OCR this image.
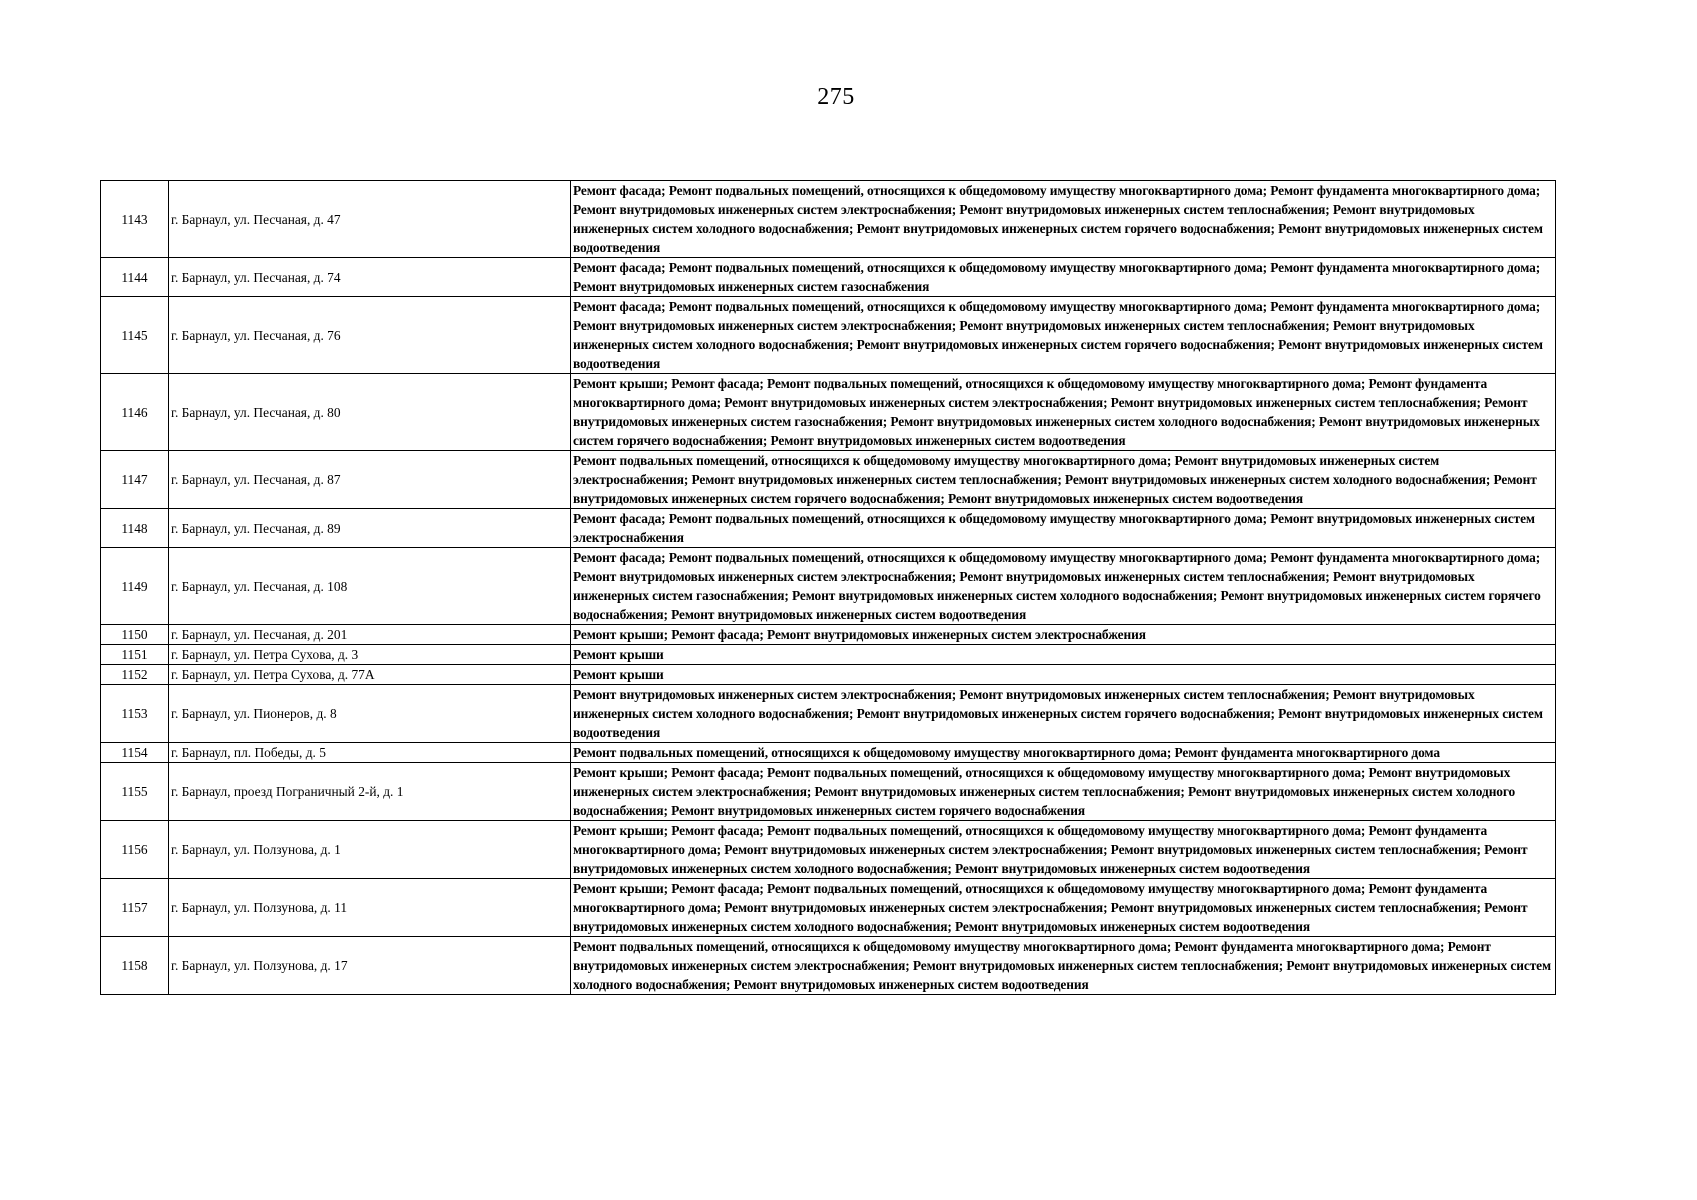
275
1143	г. Барнаул, ул. Песчаная, д. 47	Ремонт фасада; Ремонт подвальных помещений, относящихся к общедомовому имуществу многоквартирного дома; Ремонт фундамента многоквартирного дома; Ремонт внутридомовых инженерных систем электроснабжения; Ремонт внутридомовых инженерных систем теплоснабжения; Ремонт внутридомовых инженерных систем холодного водоснабжения; Ремонт внутридомовых инженерных систем горячего водоснабжения; Ремонт внутридомовых инженерных систем водоотведения
1144	г. Барнаул, ул. Песчаная, д. 74	Ремонт фасада; Ремонт подвальных помещений, относящихся к общедомовому имуществу многоквартирного дома; Ремонт фундамента многоквартирного дома; Ремонт внутридомовых инженерных систем газоснабжения
1145	г. Барнаул, ул. Песчаная, д. 76	Ремонт фасада; Ремонт подвальных помещений, относящихся к общедомовому имуществу многоквартирного дома; Ремонт фундамента многоквартирного дома; Ремонт внутридомовых инженерных систем электроснабжения; Ремонт внутридомовых инженерных систем теплоснабжения; Ремонт внутридомовых инженерных систем холодного водоснабжения; Ремонт внутридомовых инженерных систем горячего водоснабжения; Ремонт внутридомовых инженерных систем водоотведения
1146	г. Барнаул, ул. Песчаная, д. 80	Ремонт крыши; Ремонт фасада; Ремонт подвальных помещений, относящихся к общедомовому имуществу многоквартирного дома; Ремонт фундамента многоквартирного дома; Ремонт внутридомовых инженерных систем электроснабжения; Ремонт внутридомовых инженерных систем теплоснабжения; Ремонт внутридомовых инженерных систем газоснабжения; Ремонт внутридомовых инженерных систем холодного водоснабжения; Ремонт внутридомовых инженерных систем горячего водоснабжения; Ремонт внутридомовых инженерных систем водоотведения
1147	г. Барнаул, ул. Песчаная, д. 87	Ремонт подвальных помещений, относящихся к общедомовому имуществу многоквартирного дома; Ремонт внутридомовых инженерных систем электроснабжения; Ремонт внутридомовых инженерных систем теплоснабжения; Ремонт внутридомовых инженерных систем холодного водоснабжения; Ремонт внутридомовых инженерных систем горячего водоснабжения; Ремонт внутридомовых инженерных систем водоотведения
1148	г. Барнаул, ул. Песчаная, д. 89	Ремонт фасада; Ремонт подвальных помещений, относящихся к общедомовому имуществу многоквартирного дома; Ремонт внутридомовых инженерных систем электроснабжения
1149	г. Барнаул, ул. Песчаная, д. 108	Ремонт фасада; Ремонт подвальных помещений, относящихся к общедомовому имуществу многоквартирного дома; Ремонт фундамента многоквартирного дома; Ремонт внутридомовых инженерных систем электроснабжения; Ремонт внутридомовых инженерных систем теплоснабжения; Ремонт внутридомовых инженерных систем газоснабжения; Ремонт внутридомовых инженерных систем холодного водоснабжения; Ремонт внутридомовых инженерных систем горячего водоснабжения; Ремонт внутридомовых инженерных систем водоотведения
1150	г. Барнаул, ул. Песчаная, д. 201	Ремонт крыши; Ремонт фасада; Ремонт внутридомовых инженерных систем электроснабжения
1151	г. Барнаул, ул. Петра Сухова, д. 3	Ремонт крыши
1152	г. Барнаул, ул. Петра Сухова, д. 77А	Ремонт крыши
1153	г. Барнаул, ул. Пионеров, д. 8	Ремонт внутридомовых инженерных систем электроснабжения; Ремонт внутридомовых инженерных систем теплоснабжения; Ремонт внутридомовых инженерных систем холодного водоснабжения; Ремонт внутридомовых инженерных систем горячего водоснабжения; Ремонт внутридомовых инженерных систем водоотведения
1154	г. Барнаул, пл. Победы, д. 5	Ремонт подвальных помещений, относящихся к общедомовому имуществу многоквартирного дома; Ремонт фундамента многоквартирного дома
1155	г. Барнаул, проезд Пограничный 2-й, д. 1	Ремонт крыши; Ремонт фасада; Ремонт подвальных помещений, относящихся к общедомовому имуществу многоквартирного дома; Ремонт внутридомовых инженерных систем электроснабжения; Ремонт внутридомовых инженерных систем теплоснабжения; Ремонт внутридомовых инженерных систем холодного водоснабжения; Ремонт внутридомовых инженерных систем горячего водоснабжения
1156	г. Барнаул, ул. Ползунова, д. 1	Ремонт крыши; Ремонт фасада; Ремонт подвальных помещений, относящихся к общедомовому имуществу многоквартирного дома; Ремонт фундамента многоквартирного дома; Ремонт внутридомовых инженерных систем электроснабжения; Ремонт внутридомовых инженерных систем теплоснабжения; Ремонт внутридомовых инженерных систем холодного водоснабжения; Ремонт внутридомовых инженерных систем водоотведения
1157	г. Барнаул, ул. Ползунова, д. 11	Ремонт крыши; Ремонт фасада; Ремонт подвальных помещений, относящихся к общедомовому имуществу многоквартирного дома; Ремонт фундамента многоквартирного дома; Ремонт внутридомовых инженерных систем электроснабжения; Ремонт внутридомовых инженерных систем теплоснабжения; Ремонт внутридомовых инженерных систем холодного водоснабжения; Ремонт внутридомовых инженерных систем водоотведения
1158	г. Барнаул, ул. Ползунова, д. 17	Ремонт подвальных помещений, относящихся к общедомовому имуществу многоквартирного дома; Ремонт фундамента многоквартирного дома; Ремонт внутридомовых инженерных систем электроснабжения; Ремонт внутридомовых инженерных систем теплоснабжения; Ремонт внутридомовых инженерных систем холодного водоснабжения; Ремонт внутридомовых инженерных систем водоотведения
